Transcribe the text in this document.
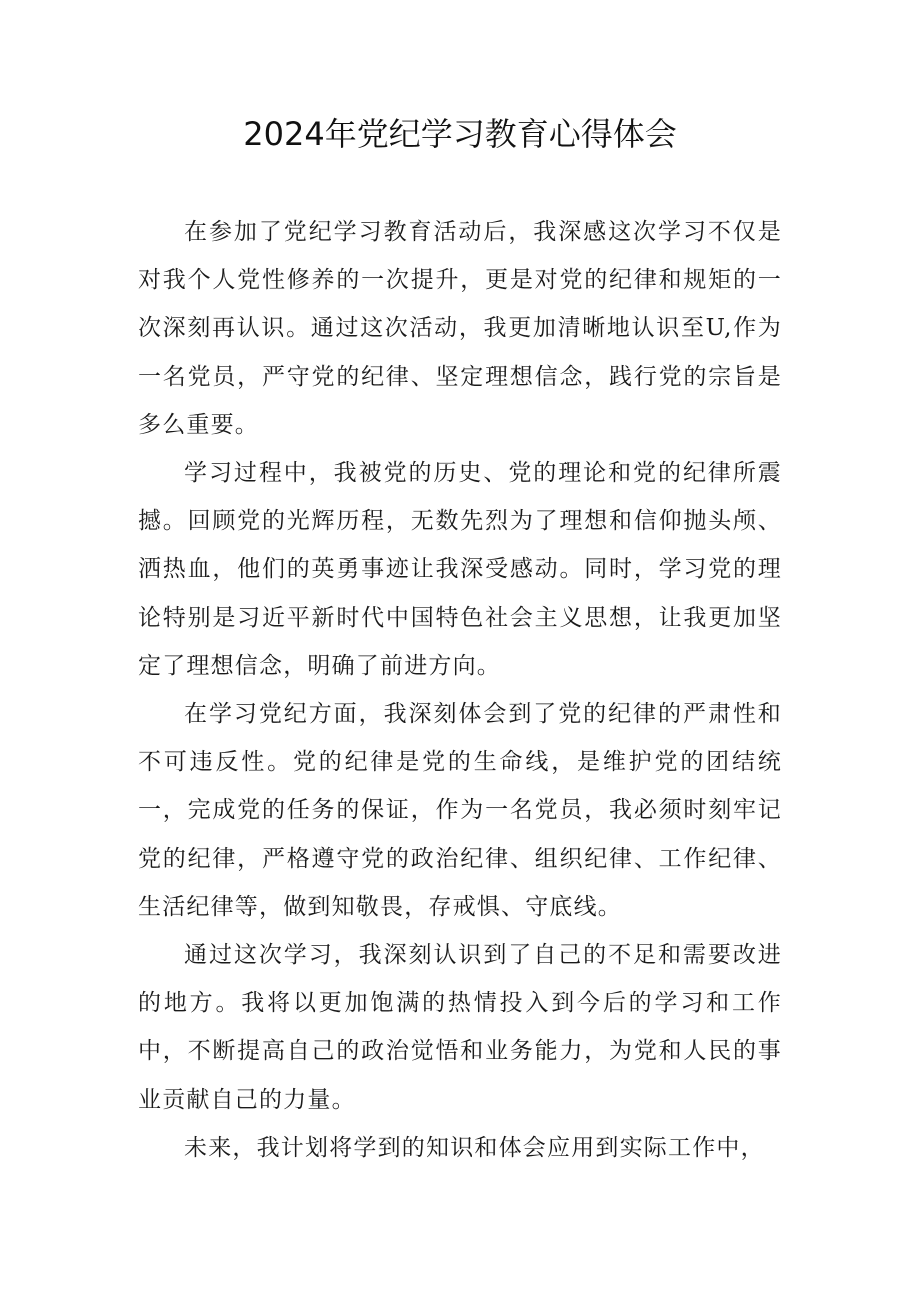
2024年党纪学习教育心得体会

在参加了党纪学习教育活动后，我深感这次学习不仅是对我个人党性修养的一次提升，更是对党的纪律和规矩的一次深刻再认识。通过这次活动，我更加清晰地认识至U,作为一名党员，严守党的纪律、坚定理想信念，践行党的宗旨是多么重要。

学习过程中，我被党的历史、党的理论和党的纪律所震撼。回顾党的光辉历程，无数先烈为了理想和信仰抛头颅、洒热血，他们的英勇事迹让我深受感动。同时，学习党的理论特别是习近平新时代中国特色社会主义思想，让我更加坚定了理想信念，明确了前进方向。

在学习党纪方面，我深刻体会到了党的纪律的严肃性和不可违反性。党的纪律是党的生命线，是维护党的团结统一，完成党的任务的保证，作为一名党员，我必须时刻牢记党的纪律，严格遵守党的政治纪律、组织纪律、工作纪律、生活纪律等，做到知敬畏，存戒惧、守底线。

通过这次学习，我深刻认识到了自己的不足和需要改进的地方。我将以更加饱满的热情投入到今后的学习和工作中，不断提高自己的政治觉悟和业务能力，为党和人民的事业贡献自己的力量。

未来，我计划将学到的知识和体会应用到实际工作中，
